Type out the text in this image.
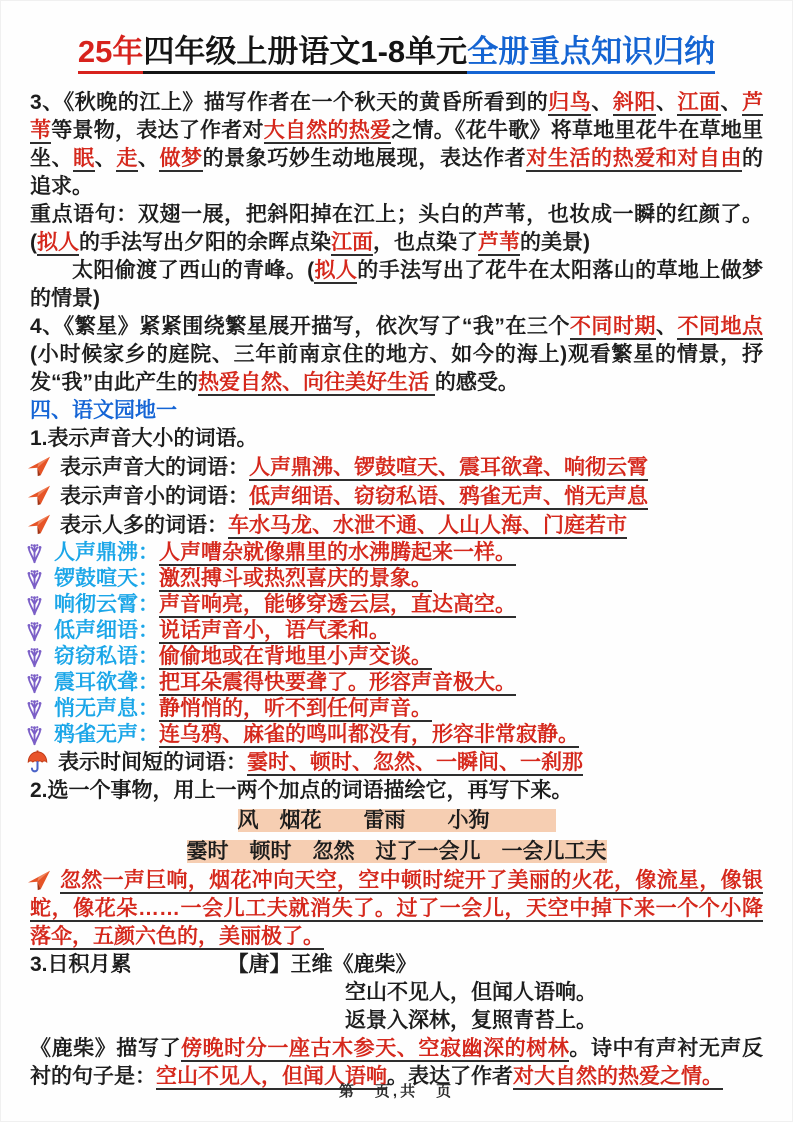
25年四年级上册语文1-8单元全册重点知识归纳
3、《秋晚的江上》描写作者在一个秋天的黄昏所看到的归鸟、斜阳、江面、芦苇等景物，表达了作者对大自然的热爱之情。《花牛歌》将草地里花牛在草地里坐、眠、走、做梦的景象巧妙生动地展现，表达作者对生活的热爱和对自由的追求。
重点语句：双翅一展，把斜阳掉在江上；头白的芦苇，也妆成一瞬的红颜了。(拟人的手法写出夕阳的余晖点染江面，也点染了芦苇的美景)
太阳偷渡了西山的青峰。(拟人的手法写出了花牛在太阳落山的草地上做梦的情景)
4、《繁星》紧紧围绕繁星展开描写，依次写了“我”在三个不同时期、不同地点(小时候家乡的庭院、三年前南京住的地方、如今的海上)观看繁星的情景，抒发“我”由此产生的热爱自然、向往美好生活 的感受。
四、语文园地一
1.表示声音大小的词语。
表示声音大的词语：人声鼎沸、锣鼓喧天、震耳欲聋、响彻云霄
表示声音小的词语：低声细语、窃窃私语、鸦雀无声、悄无声息
表示人多的词语：车水马龙、水泄不通、人山人海、门庭若市
人声鼎沸：人声嘈杂就像鼎里的水沸腾起来一样。
锣鼓喧天：激烈搏斗或热烈喜庆的景象。
响彻云霄：声音响亮，能够穿透云层，直达高空。
低声细语：说话声音小，语气柔和。
窃窃私语：偷偷地或在背地里小声交谈。
震耳欲聋：把耳朵震得快要聋了。形容声音极大。
悄无声息：静悄悄的，听不到任何声音。
鸦雀无声：连乌鸦、麻雀的鸣叫都没有，形容非常寂静。
表示时间短的词语：霎时、顿时、忽然、一瞬间、一刹那
2.选一个事物，用上一两个加点的词语描绘它，再写下来。
风　烟花　　雷雨　　小狗
霎时　顿时　忽然　过了一会儿　一会儿工夫
忽然一声巨响，烟花冲向天空，空中顿时绽开了美丽的火花，像流星，像银蛇，像花朵……一会儿工夫就消失了。过了一会儿，天空中掉下来一个个小降落伞，五颜六色的，美丽极了。
3.日积月累	【唐】王维《鹿柴》
空山不见人，但闻人语响。
返景入深林，复照青苔上。
《鹿柴》描写了傍晚时分一座古木参天、空寂幽深的树林。诗中有声衬无声反衬的句子是：空山不见人，但闻人语响。表达了作者对大自然的热爱之情。
第　页,共　页
